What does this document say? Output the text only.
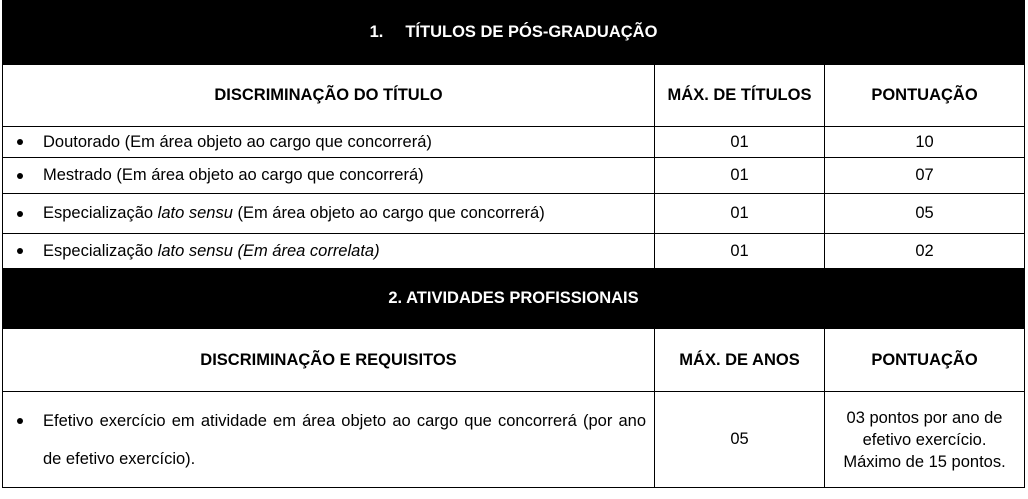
1. TÍTULOS DE PÓS-GRADUAÇÃO		
DISCRIMINAÇÃO DO TÍTULO	MÁX. DE TÍTULOS	PONTUAÇÃO

Doutorado (Em área objeto ao cargo que concorrerá)	01	10

Mestrado (Em área objeto ao cargo que concorrerá)	01	07

Especialização lato sensu (Em área objeto ao cargo que concorrerá)	01	05

Especialização lato sensu (Em área correlata)	01	02
2. ATIVIDADES PROFISSIONAIS		
DISCRIMINAÇÃO E REQUISITOS	MÁX. DE ANOS	PONTUAÇÃO

Efetivo exercício em atividade em área objeto ao cargo que concorrerá (por ano de efetivo exercício).	05	03 pontos por ano de
efetivo exercício.
Máximo de 15 pontos.
